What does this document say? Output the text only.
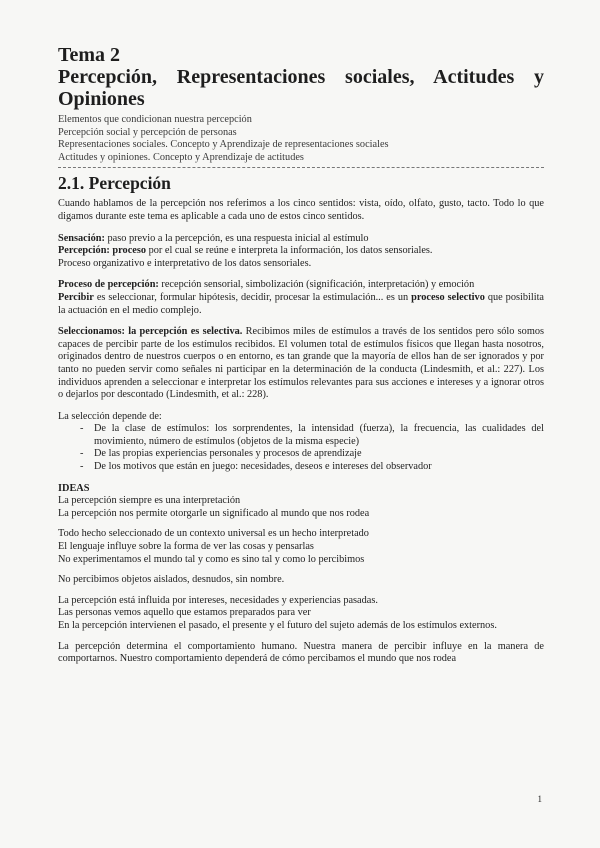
Tema 2
Percepción, Representaciones sociales, Actitudes y
Opiniones

Elementos que condicionan nuestra percepción

Percepción social y percepción de personas

Representaciones sociales. Concepto y Aprendizaje de representaciones sociales

Actitudes y opiniones. Concepto y Aprendizaje de actitudes

2.1. Percepción

Cuando hablamos de la percepción nos referimos a los cinco sentidos: vista, oído, olfato, gusto, tacto. Todo lo que digamos durante este tema es aplicable a cada uno de estos cinco sentidos.

Sensación: paso previo a la percepción, es una respuesta inicial al estímulo

Percepción: proceso por el cual se reúne e interpreta la información, los datos sensoriales.

Proceso organizativo e interpretativo de los datos sensoriales.

Proceso de percepción: recepción sensorial, simbolización (significación, interpretación) y emoción

Percibir es seleccionar, formular hipótesis, decidir, procesar la estimulación... es un proceso selectivo que posibilita la actuación en el medio complejo.

Seleccionamos: la percepción es selectiva. Recibimos miles de estímulos a través de los sentidos pero sólo somos capaces de percibir parte de los estímulos recibidos. El volumen total de estímulos físicos que llegan hasta nosotros, originados dentro de nuestros cuerpos o en entorno, es tan grande que la mayoría de ellos han de ser ignorados y por tanto no pueden servir como señales ni participar en la determinación de la conducta (Lindesmith, et al.: 227). Los individuos aprenden a seleccionar e interpretar los estímulos relevantes para sus acciones e intereses y a ignorar otros o dejarlos por descontado (Lindesmith, et al.: 228).

La selección depende de:

- De la clase de estímulos: los sorprendentes, la intensidad (fuerza), la frecuencia, las cualidades del movimiento, número de estímulos (objetos de la misma especie)
- De las propias experiencias personales y procesos de aprendizaje
- De los motivos que están en juego: necesidades, deseos e intereses del observador

IDEAS

La percepción siempre es una interpretación

La percepción nos permite otorgarle un significado al mundo que nos rodea

Todo hecho seleccionado de un contexto universal es un hecho interpretado

El lenguaje influye sobre la forma de ver las cosas y pensarlas

No experimentamos el mundo tal y como es sino tal y como lo percibimos

No percibimos objetos aislados, desnudos, sin nombre.

La percepción está influida por intereses, necesidades y experiencias pasadas.

Las personas vemos aquello que estamos preparados para ver

En la percepción intervienen el pasado, el presente y el futuro del sujeto además de los estímulos externos.

La percepción determina el comportamiento humano. Nuestra manera de percibir influye en la manera de comportarnos. Nuestro comportamiento dependerá de cómo percibamos el mundo que nos rodea

1
